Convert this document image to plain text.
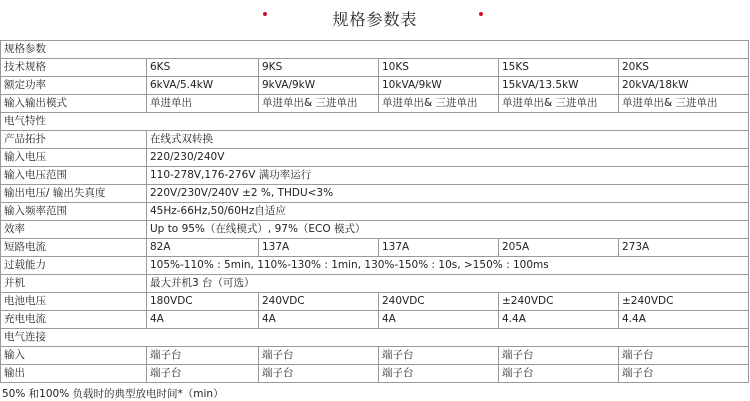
规格参数表
规格参数					
技术规格	6KS	9KS	10KS	15KS	20KS
额定功率	6kVA/5.4kW	9kVA/9kW	10kVA/9kW	15kVA/13.5kW	20kVA/18kW
输入输出模式	单进单出	单进单出& 三进单出	单进单出& 三进单出	单进单出& 三进单出	单进单出& 三进单出
电气特性					
产品拓扑	在线式双转换				
输入电压	220/230/240V				
输入电压范围	110-278V,176-276V 满功率运行				
输出电压/ 输出失真度	220V/230V/240V ±2 %, THDU<3%				
输入频率范围	45Hz-66Hz,50/60Hz自适应				
效率	Up to 95%（在线模式）, 97%（ECO 模式）				
短路电流	82A	137A	137A	205A	273A
过载能力	105%-110% : 5min, 110%-130% : 1min, 130%-150% : 10s, >150% : 100ms				
并机	最大并机3 台（可选）				
电池电压	180VDC	240VDC	240VDC	±240VDC	±240VDC
充电电流	4A	4A	4A	4.4A	4.4A
电气连接					
输入	端子台	端子台	端子台	端子台	端子台
输出	端子台	端子台	端子台	端子台	端子台
50% 和100% 负载时的典型放电时间*（min）
